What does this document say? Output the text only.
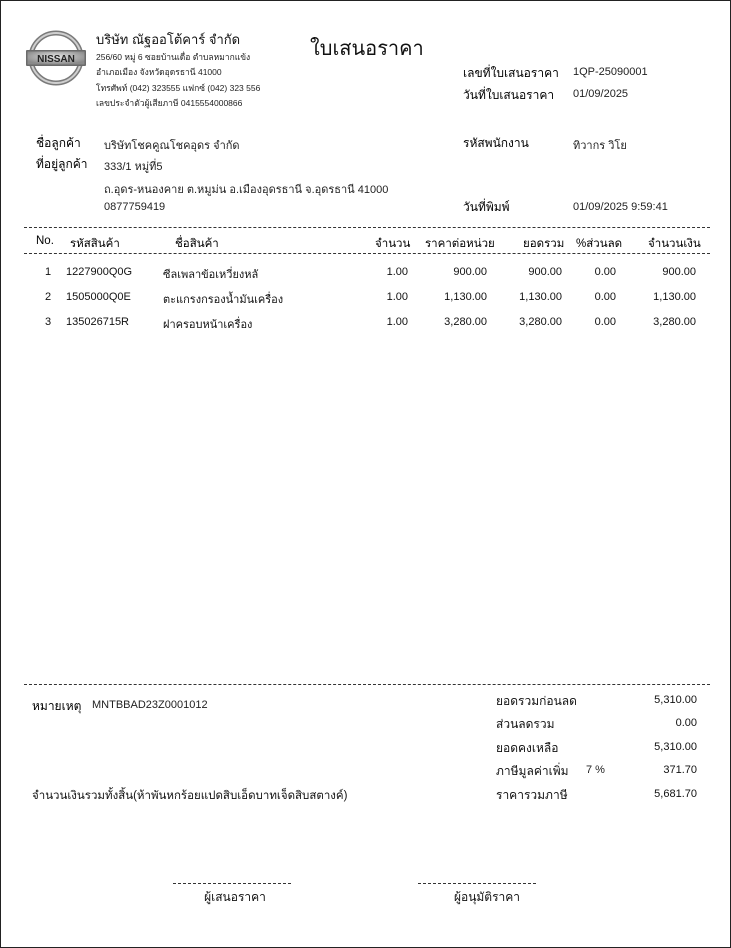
NISSAN
บริษัท ณัฐออโต้คาร์ จำกัด
256/60 หมู่ 6 ซอยบ้านเดื่อ ตำบลหมากแข้ง
อำเภอเมือง จังหวัดอุดรธานี 41000
โทรศัพท์ (042) 323555 แฟกซ์ (042) 323 556
เลขประจำตัวผู้เสียภาษี 0415554000866
ใบเสนอราคา
เลขที่ใบเสนอราคา 1QP-25090001
วันที่ใบเสนอราคา 01/09/2025
ชื่อลูกค้า บริษัทโชคคูณโชคอุดร จำกัด
ที่อยู่ลูกค้า 333/1 หมู่ที่5
ถ.อุดร-หนองคาย ต.หมูม่น อ.เมืองอุดรธานี จ.อุดรธานี 41000
0877759419
รหัสพนักงาน	ทิวากร วิโย
วันที่พิมพ์	01/09/2025 9:59:41
No. รหัสสินค้า	ชื่อสินค้า	จำนวน ราคาต่อหน่วย ยอดรวม %ส่วนลด จำนวนเงิน
1 1227900Q0G	ซีลเพลาข้อเหวี่ยงหลั	1.00	900.00	900.00	0.00	900.00
2 1505000Q0E	ตะแกรงกรองน้ำมันเครื่อง	1.00	1,130.00	1,130.00	0.00	1,130.00
3 135026715R	ฝาครอบหน้าเครื่อง	1.00	3,280.00	3,280.00	0.00	3,280.00
หมายเหตุ MNTBBAD23Z0001012
จำนวนเงินรวมทั้งสิ้น(ห้าพันหกร้อยแปดสิบเอ็ดบาทเจ็ดสิบสตางค์)
ยอดรวมก่อนลด	5,310.00
ส่วนลดรวม	0.00
ยอดคงเหลือ	5,310.00
ภาษีมูลค่าเพิ่ม 7 %	371.70
ราคารวมภาษี	5,681.70
ผู้เสนอราคา	ผู้อนุมัติราคา
